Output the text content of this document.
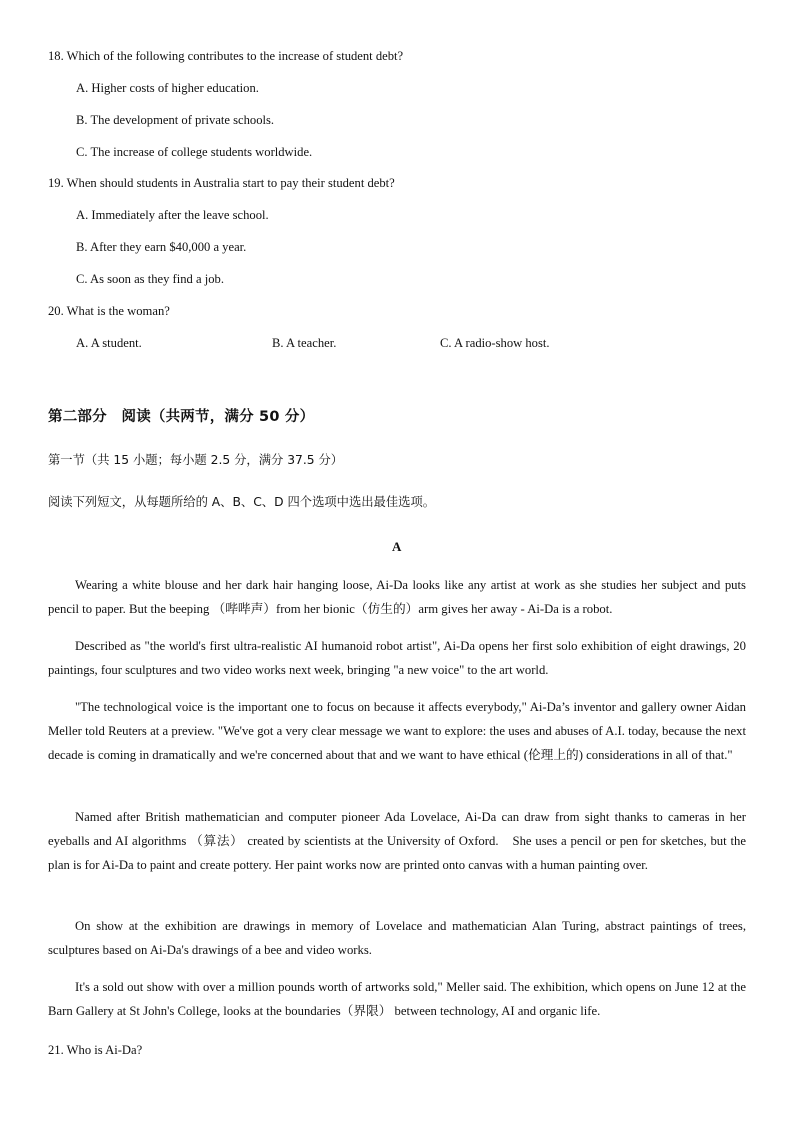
18. Which of the following contributes to the increase of student debt?
A. Higher costs of higher education.
B. The development of private schools.
C. The increase of college students worldwide.
19. When should students in Australia start to pay their student debt?
A. Immediately after the leave school.
B. After they earn $40,000 a year.
C. As soon as they find a job.
20. What is the woman?
A. A student.	B. A teacher.	C. A radio-show host.
第二部分　阅读（共两节，满分 50 分）
第一节（共 15 小题；每小题 2.5 分，满分 37.5 分）
阅读下列短文，从每题所给的 A、B、C、D 四个选项中选出最佳选项。
A
Wearing a white blouse and her dark hair hanging loose, Ai-Da looks like any artist at work as she studies her subject and puts pencil to paper. But the beeping （哔哔声）from her bionic（仿生的）arm gives her away - Ai-Da is a robot.
Described as "the world's first ultra-realistic AI humanoid robot artist", Ai-Da opens her first solo exhibition of eight drawings, 20 paintings, four sculptures and two video works next week, bringing "a new voice" to the art world.
"The technological voice is the important one to focus on because it affects everybody," Ai-Da’s inventor and gallery owner Aidan Meller told Reuters at a preview. "We've got a very clear message we want to explore: the uses and abuses of A.I. today, because the next decade is coming in dramatically and we're concerned about that and we want to have ethical (伦理上的) considerations in all of that."
Named after British mathematician and computer pioneer Ada Lovelace, Ai-Da can draw from sight thanks to cameras in her eyeballs and AI algorithms （算法） created by scientists at the University of Oxford.　She uses a pencil or pen for sketches, but the plan is for Ai-Da to paint and create pottery. Her paint works now are printed onto canvas with a human painting over.
On show at the exhibition are drawings in memory of Lovelace and mathematician Alan Turing, abstract paintings of trees, sculptures based on Ai-Da's drawings of a bee and video works.
It's a sold out show with over a million pounds worth of artworks sold," Meller said. The exhibition, which opens on June 12 at the Barn Gallery at St John's College, looks at the boundaries（界限） between technology, AI and organic life.
21. Who is Ai-Da?
